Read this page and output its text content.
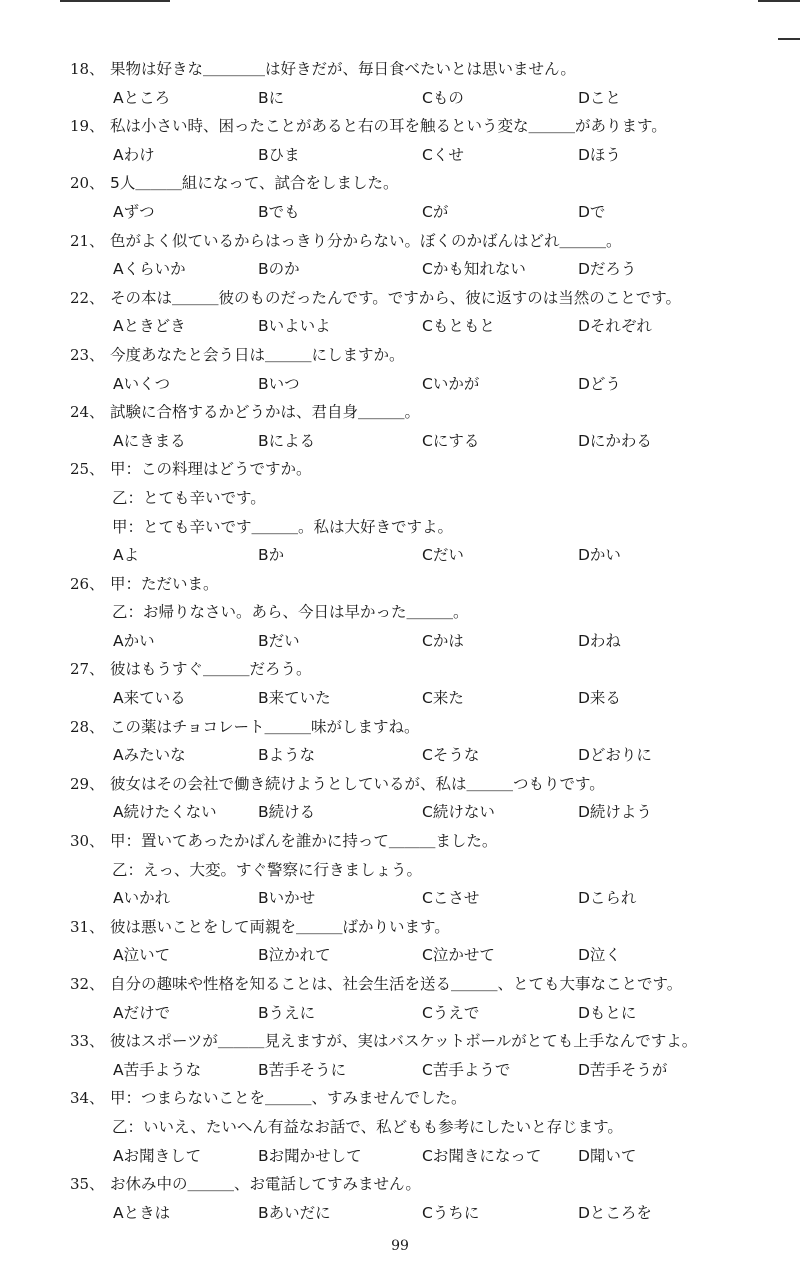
18、 果物は好きな＿＿＿＿は好きだが、毎日食べたいとは思いません。
Aところ	Bに	Cもの	Dこと
19、 私は小さい時、困ったことがあると右の耳を触るという変な＿＿＿があります。
Aわけ	Bひま	Cくせ	Dほう
20、 5人＿＿＿組になって、試合をしました。
Aずつ	Bでも	Cが	Dで
21、 色がよく似ているからはっきり分からない。ぼくのかばんはどれ＿＿＿。
Aくらいか	Bのか	Cかも知れない	Dだろう
22、 その本は＿＿＿彼のものだったんです。ですから、彼に返すのは当然のことです。
Aときどき	Bいよいよ	Cもともと	Dそれぞれ
23、 今度あなたと会う日は＿＿＿にしますか。
Aいくつ	Bいつ	Cいかが	Dどう
24、 試験に合格するかどうかは、君自身＿＿＿。
Aにきまる	Bによる	Cにする	Dにかわる
25、 甲：この料理はどうですか。
乙：とても辛いです。
甲：とても辛いです＿＿＿。私は大好きですよ。
Aよ	Bか	Cだい	Dかい
26、 甲：ただいま。
乙：お帰りなさい。あら、今日は早かった＿＿＿。
Aかい	Bだい	Cかは	Dわね
27、 彼はもうすぐ＿＿＿だろう。
A来ている	B来ていた	C来た	D来る
28、 この薬はチョコレート＿＿＿味がしますね。
Aみたいな	Bような	Cそうな	Dどおりに
29、 彼女はその会社で働き続けようとしているが、私は＿＿＿つもりです。
A続けたくない	B続ける	C続けない	D続けよう
30、 甲：置いてあったかばんを誰かに持って＿＿＿ました。
乙：えっ、大変。すぐ警察に行きましょう。
Aいかれ	Bいかせ	Cこさせ	Dこられ
31、 彼は悪いことをして両親を＿＿＿ばかりいます。
A泣いて	B泣かれて	C泣かせて	D泣く
32、 自分の趣味や性格を知ることは、社会生活を送る＿＿＿、とても大事なことです。
Aだけで	Bうえに	Cうえで	Dもとに
33、 彼はスポーツが＿＿＿見えますが、実はバスケットボールがとても上手なんですよ。
A苦手ような	B苦手そうに	C苦手ようで	D苦手そうが
34、 甲：つまらないことを＿＿＿、すみませんでした。
乙：いいえ、たいへん有益なお話で、私どもも参考にしたいと存じます。
Aお聞きして	Bお聞かせして	Cお聞きになって D聞いて
35、 お休み中の＿＿＿、お電話してすみません。
Aときは	Bあいだに	Cうちに	Dところを
99
